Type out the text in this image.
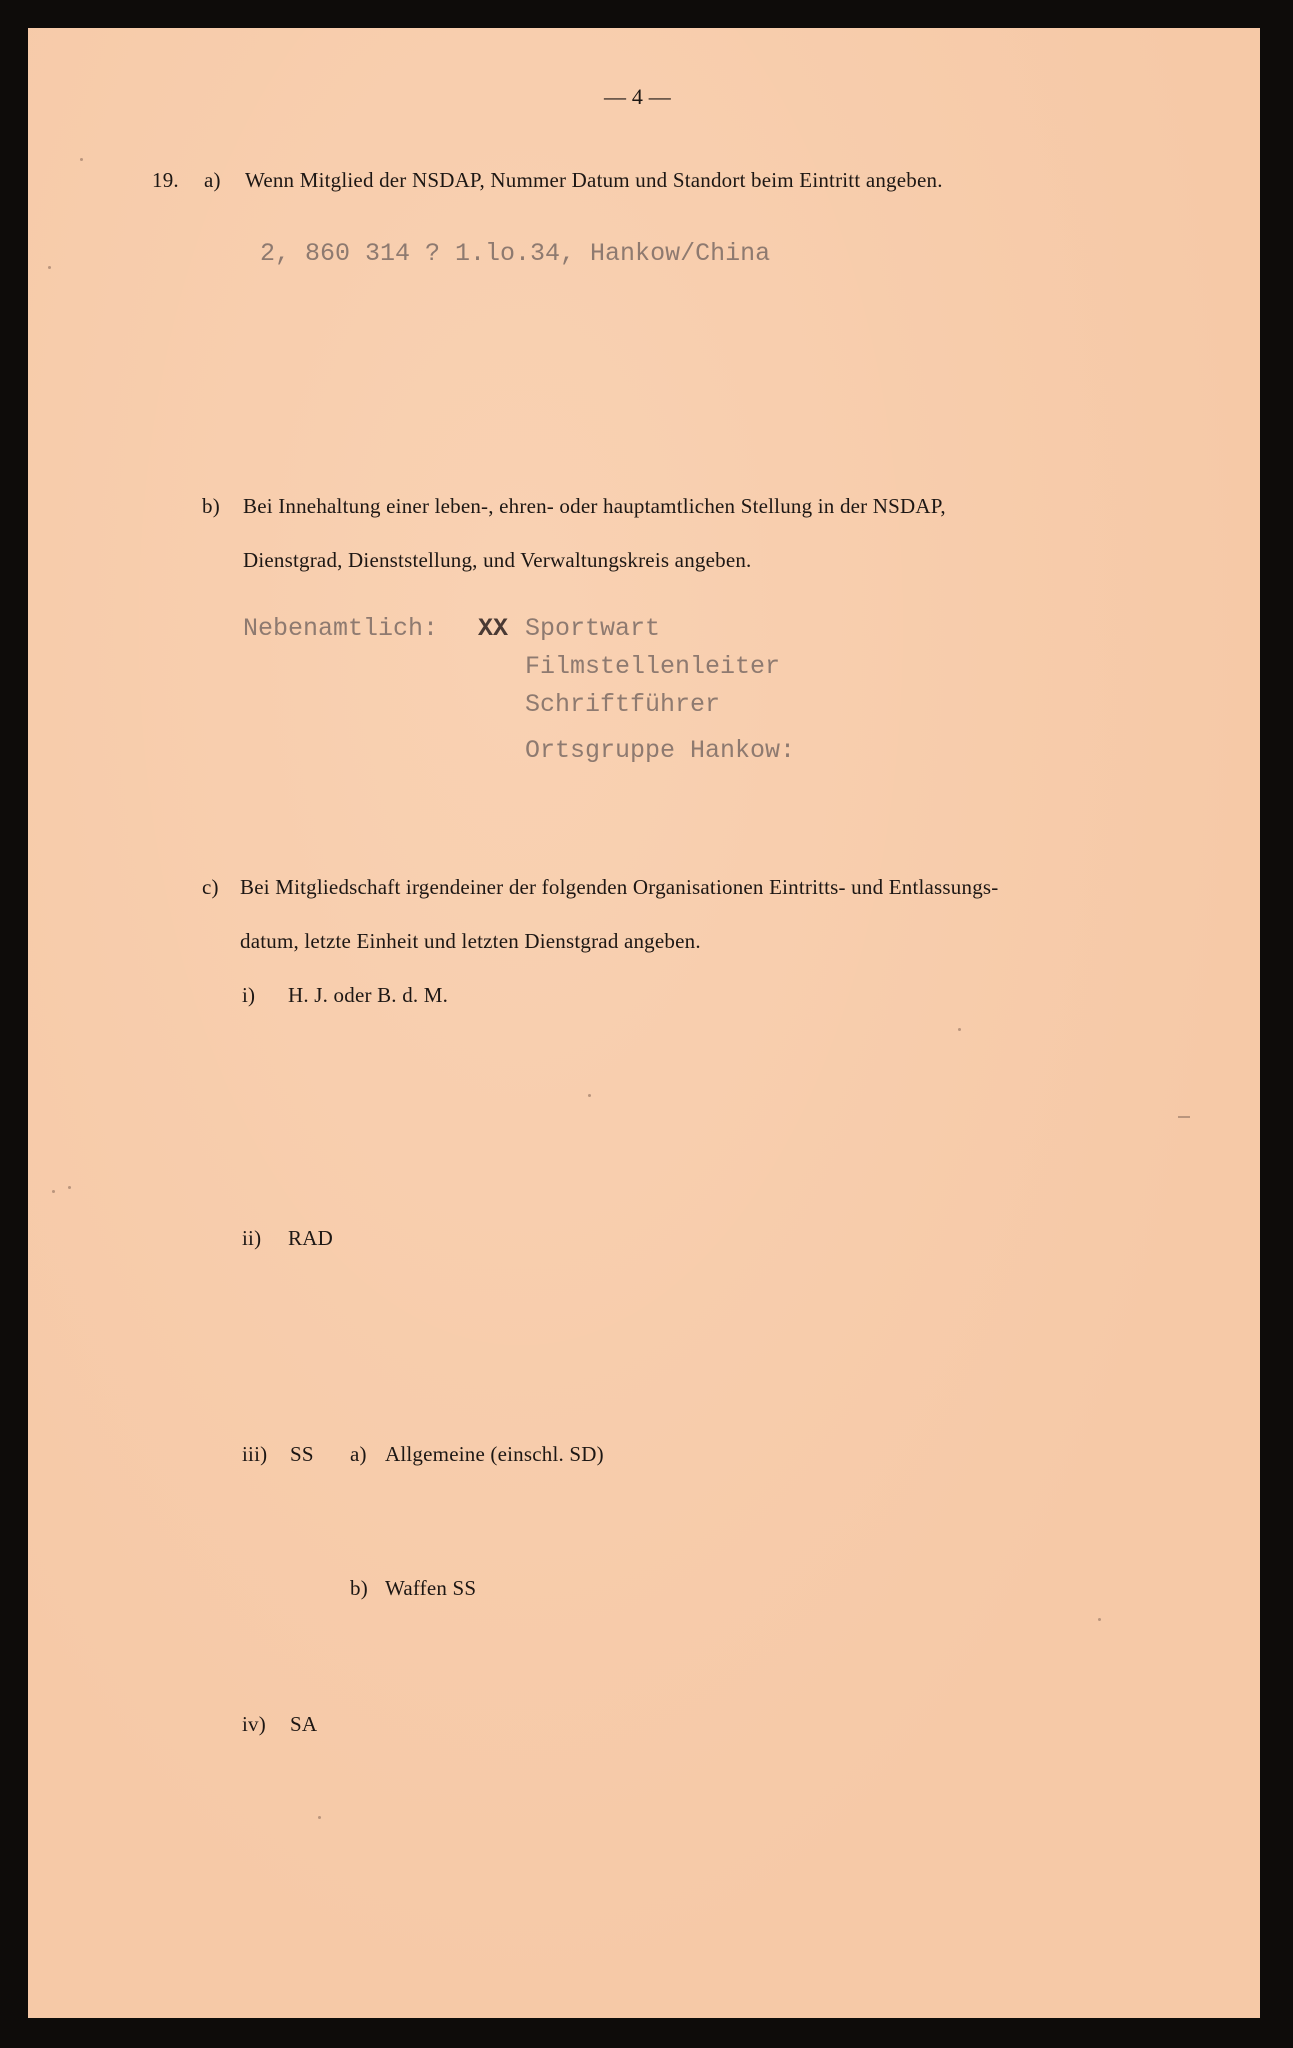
— 4 —
19. a) Wenn Mitglied der NSDAP, Nummer Datum und Standort beim Eintritt angeben.
2, 860 314 ? 1.lo.34, Hankow/China
b) Bei Innehaltung einer leben-, ehren- oder hauptamtlichen Stellung in der NSDAP,
Dienstgrad, Dienststellung, und Verwaltungskreis angeben.
Nebenamtlich: XX Sportwart
Filmstellenleiter
Schriftführer
Ortsgruppe Hankow:
c) Bei Mitgliedschaft irgendeiner der folgenden Organisationen Eintritts- und Entlassungs-
datum, letzte Einheit und letzten Dienstgrad angeben.
i) H. J. oder B. d. M.
ii) RAD
iii) SS a) Allgemeine (einschl. SD)
b) Waffen SS
iv) SA
